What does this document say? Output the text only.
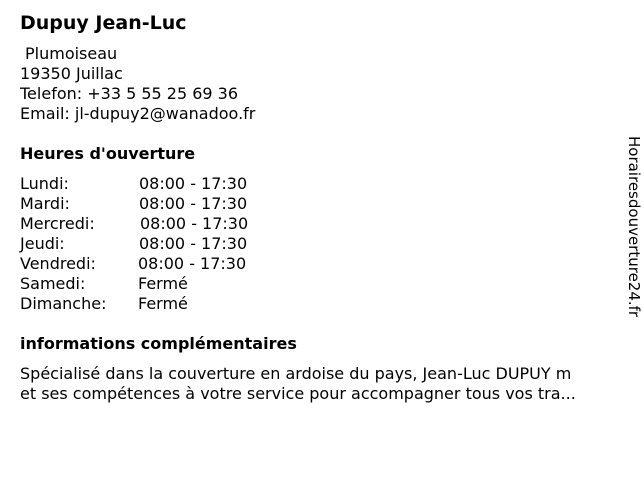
Dupuy Jean-Luc
Plumoiseau
19350 Juillac
Telefon: +33 5 55 25 69 36
Email: jl-dupuy2@wanadoo.fr
Heures d'ouverture
Lundi:	08:00 - 17:30
Mardi:	08:00 - 17:30
Mercredi:	08:00 - 17:30
Jeudi:	08:00 - 17:30
Vendredi:	08:00 - 17:30
Samedi:	Fermé
Dimanche: Fermé
informations complémentaires
Spécialisé dans la couverture en ardoise du pays, Jean-Luc DUPUY m
et ses compétences à votre service pour accompagner tous vos tra...
Horairesdouverture24.fr
